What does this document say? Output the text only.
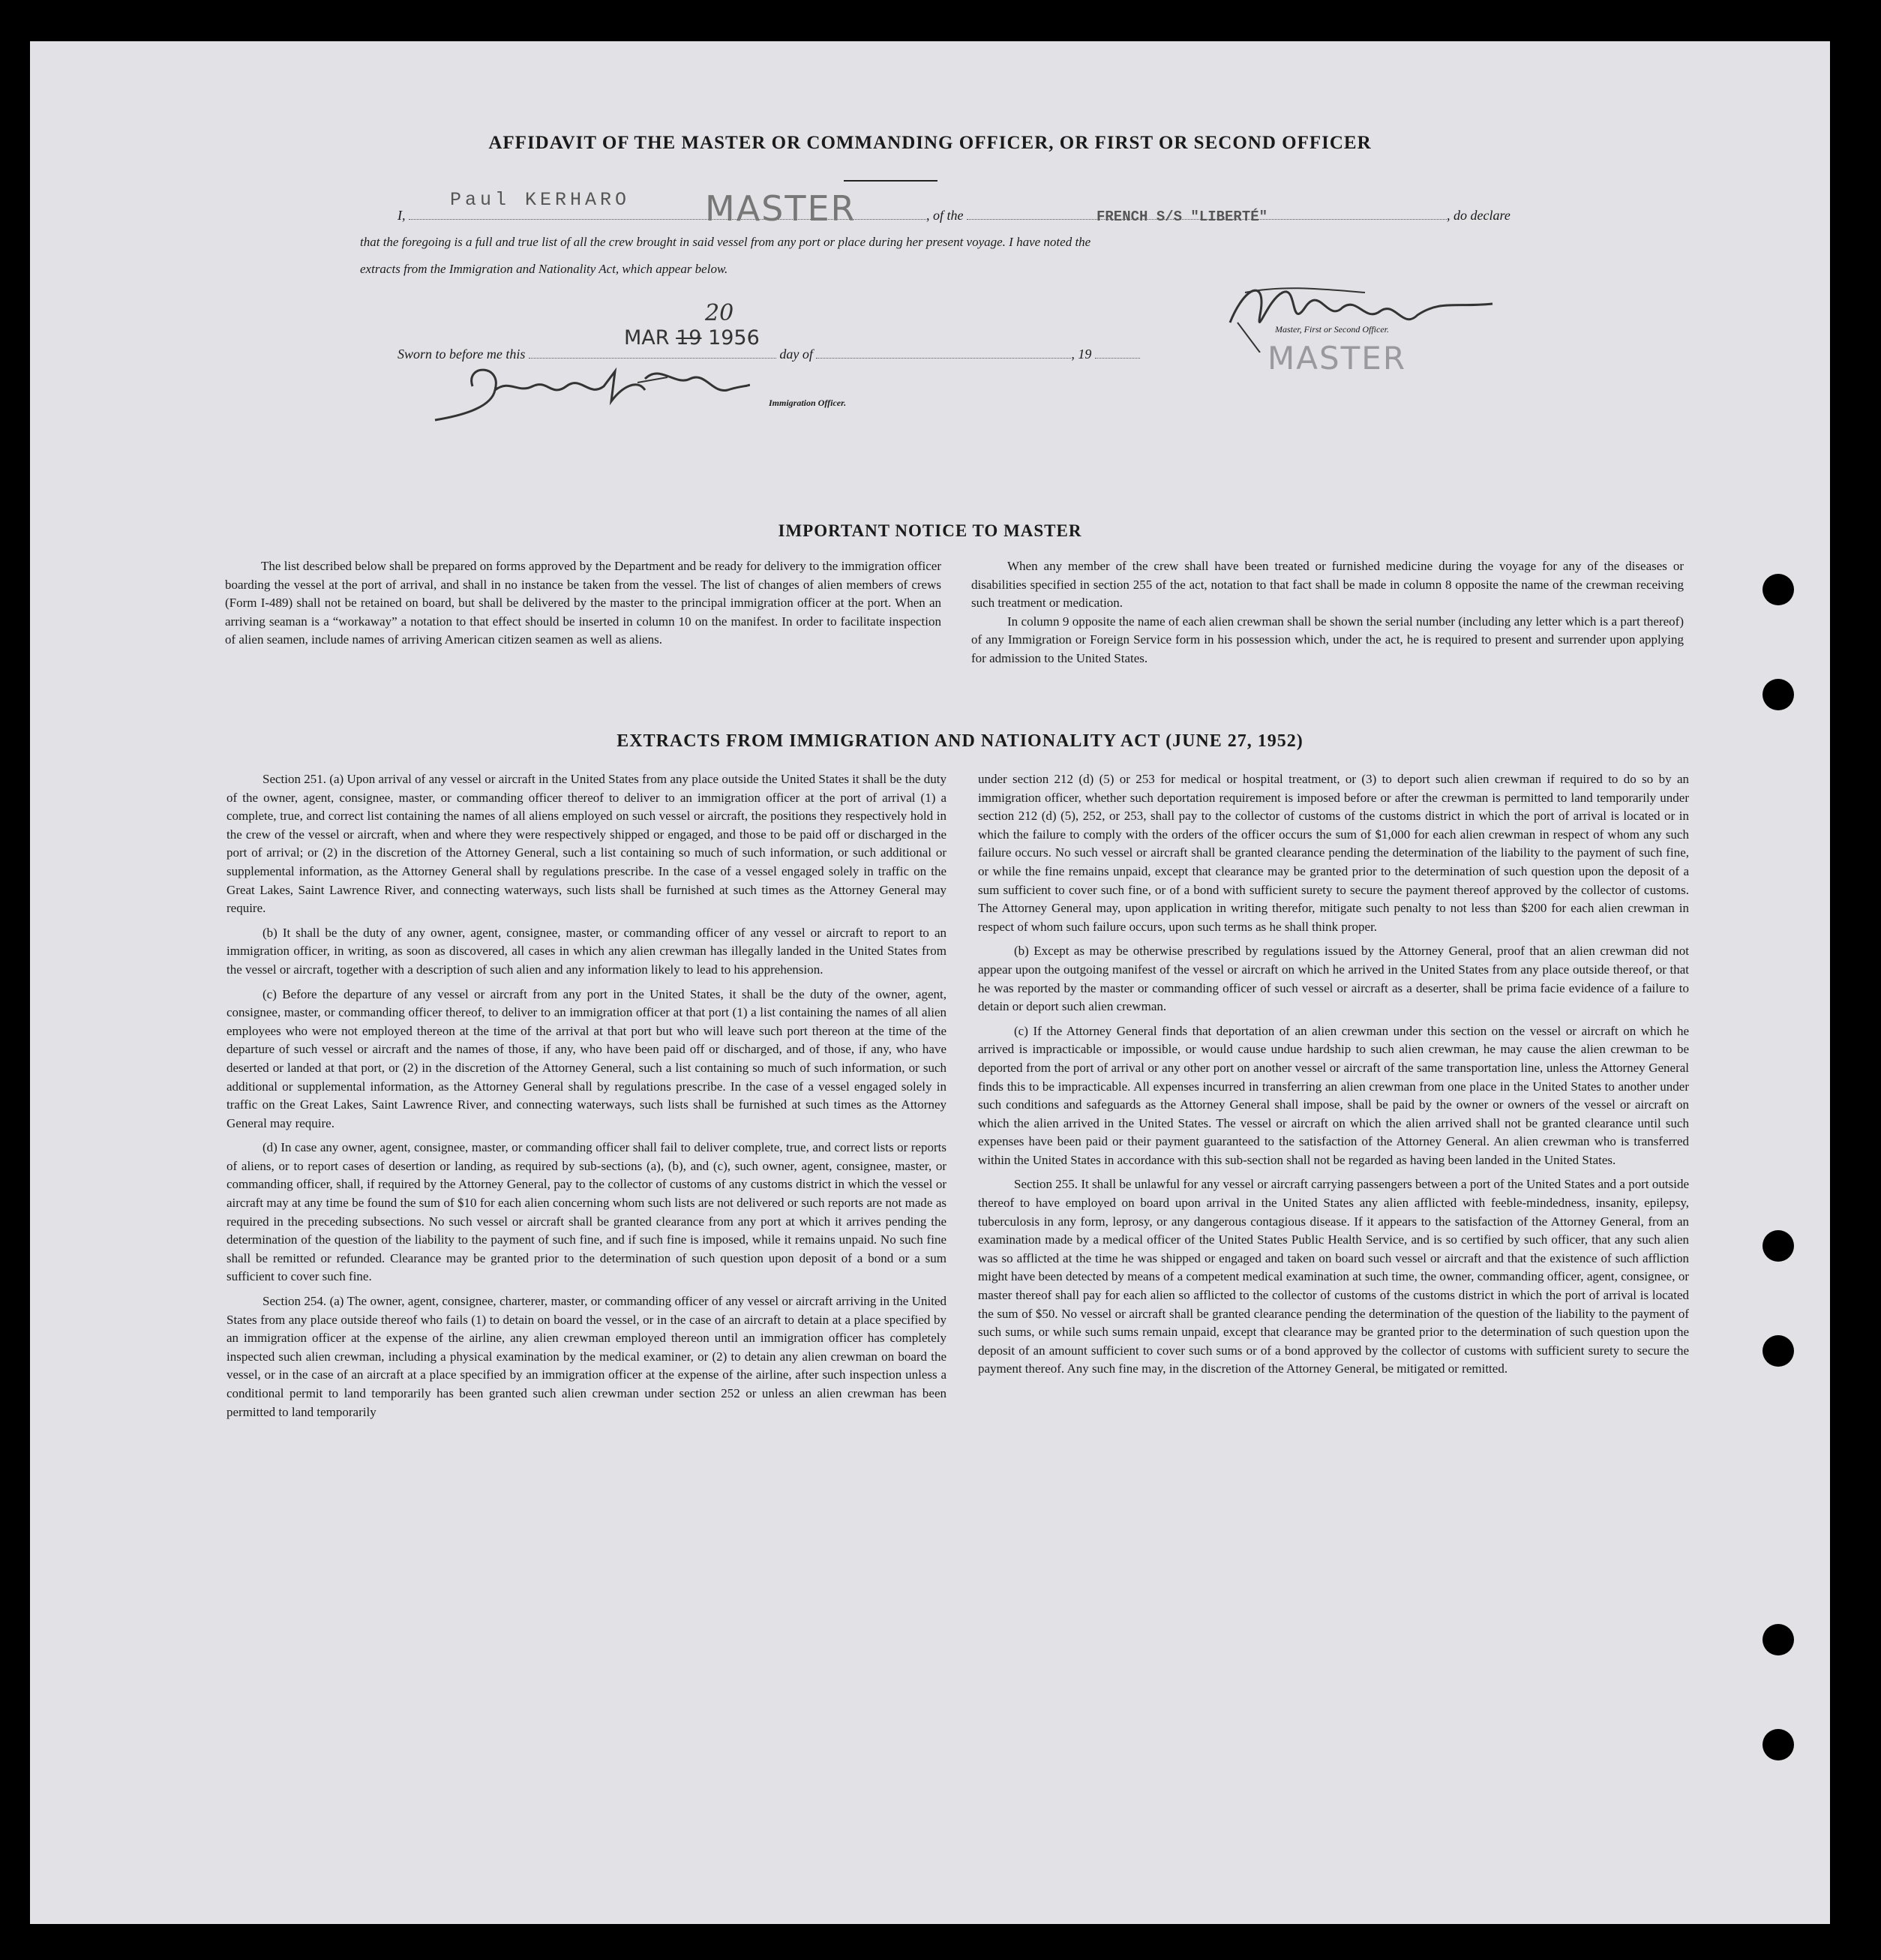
AFFIDAVIT OF THE MASTER OR COMMANDING OFFICER, OR FIRST OR SECOND OFFICER
I,	, of the	, do declare
Paul KERHARO MASTER	FRENCH S/S "LIBERTÉ"
that the foregoing is a full and true list of all the crew brought in said vessel from any port or place during her present voyage. I have noted the
extracts from the Immigration and Nationality Act, which appear below.
Sworn to before me this	day of	, 19
MAR 19 1956
20
Master, First or Second Officer.
MASTER
Immigration Officer.
IMPORTANT NOTICE TO MASTER

The list described below shall be prepared on forms approved by the Department and be ready for delivery to the immigration officer boarding the vessel at the port of arrival, and shall in no instance be taken from the vessel. The list of changes of alien members of crews (Form I-489) shall not be retained on board, but shall be delivered by the master to the principal immigration officer at the port. When an arriving seaman is a “workaway” a notation to that effect should be inserted in column 10 on the manifest. In order to facilitate inspection of alien seamen, include names of arriving American citizen seamen as well as aliens.

When any member of the crew shall have been treated or furnished medicine during the voyage for any of the diseases or disabilities specified in section 255 of the act, notation to that fact shall be made in column 8 opposite the name of the crewman receiving such treatment or medication.

In column 9 opposite the name of each alien crewman shall be shown the serial number (including any letter which is a part thereof) of any Immigration or Foreign Service form in his possession which, under the act, he is required to present and surrender upon applying for admission to the United States.

EXTRACTS FROM IMMIGRATION AND NATIONALITY ACT (JUNE 27, 1952)

Section 251. (a) Upon arrival of any vessel or aircraft in the United States from any place outside the United States it shall be the duty of the owner, agent, consignee, master, or commanding officer thereof to deliver to an immigration officer at the port of arrival (1) a complete, true, and correct list containing the names of all aliens employed on such vessel or aircraft, the positions they respectively hold in the crew of the vessel or aircraft, when and where they were respectively shipped or engaged, and those to be paid off or discharged in the port of arrival; or (2) in the discretion of the Attorney General, such a list containing so much of such information, or such additional or supplemental information, as the Attorney General shall by regulations prescribe. In the case of a vessel engaged solely in traffic on the Great Lakes, Saint Lawrence River, and connecting waterways, such lists shall be furnished at such times as the Attorney General may require.

(b) It shall be the duty of any owner, agent, consignee, master, or commanding officer of any vessel or aircraft to report to an immigration officer, in writing, as soon as discovered, all cases in which any alien crewman has illegally landed in the United States from the vessel or aircraft, together with a description of such alien and any information likely to lead to his apprehension.

(c) Before the departure of any vessel or aircraft from any port in the United States, it shall be the duty of the owner, agent, consignee, master, or commanding officer thereof, to deliver to an immigration officer at that port (1) a list containing the names of all alien employees who were not employed thereon at the time of the arrival at that port but who will leave such port thereon at the time of the departure of such vessel or aircraft and the names of those, if any, who have been paid off or discharged, and of those, if any, who have deserted or landed at that port, or (2) in the discretion of the Attorney General, such a list containing so much of such information, or such additional or supplemental information, as the Attorney General shall by regulations prescribe. In the case of a vessel engaged solely in traffic on the Great Lakes, Saint Lawrence River, and connecting waterways, such lists shall be furnished at such times as the Attorney General may require.

(d) In case any owner, agent, consignee, master, or commanding officer shall fail to deliver complete, true, and correct lists or reports of aliens, or to report cases of desertion or landing, as required by sub-sections (a), (b), and (c), such owner, agent, consignee, master, or commanding officer, shall, if required by the Attorney General, pay to the collector of customs of any customs district in which the vessel or aircraft may at any time be found the sum of $10 for each alien concerning whom such lists are not delivered or such reports are not made as required in the preceding subsections. No such vessel or aircraft shall be granted clearance from any port at which it arrives pending the determination of the question of the liability to the payment of such fine, and if such fine is imposed, while it remains unpaid. No such fine shall be remitted or refunded. Clearance may be granted prior to the determination of such question upon deposit of a bond or a sum sufficient to cover such fine.

Section 254. (a) The owner, agent, consignee, charterer, master, or commanding officer of any vessel or aircraft arriving in the United States from any place outside thereof who fails (1) to detain on board the vessel, or in the case of an aircraft to detain at a place specified by an immigration officer at the expense of the airline, any alien crewman employed thereon until an immigration officer has completely inspected such alien crewman, including a physical examination by the medical examiner, or (2) to detain any alien crewman on board the vessel, or in the case of an aircraft at a place specified by an immigration officer at the expense of the airline, after such inspection unless a conditional permit to land temporarily has been granted such alien crewman under section 252 or unless an alien crewman has been permitted to land temporarily

under section 212 (d) (5) or 253 for medical or hospital treatment, or (3) to deport such alien crewman if required to do so by an immigration officer, whether such deportation requirement is imposed before or after the crewman is permitted to land temporarily under section 212 (d) (5), 252, or 253, shall pay to the collector of customs of the customs district in which the port of arrival is located or in which the failure to comply with the orders of the officer occurs the sum of $1,000 for each alien crewman in respect of whom any such failure occurs. No such vessel or aircraft shall be granted clearance pending the determination of the liability to the payment of such fine, or while the fine remains unpaid, except that clearance may be granted prior to the determination of such question upon the deposit of a sum sufficient to cover such fine, or of a bond with sufficient surety to secure the payment thereof approved by the collector of customs. The Attorney General may, upon application in writing therefor, mitigate such penalty to not less than $200 for each alien crewman in respect of whom such failure occurs, upon such terms as he shall think proper.

(b) Except as may be otherwise prescribed by regulations issued by the Attorney General, proof that an alien crewman did not appear upon the outgoing manifest of the vessel or aircraft on which he arrived in the United States from any place outside thereof, or that he was reported by the master or commanding officer of such vessel or aircraft as a deserter, shall be prima facie evidence of a failure to detain or deport such alien crewman.

(c) If the Attorney General finds that deportation of an alien crewman under this section on the vessel or aircraft on which he arrived is impracticable or impossible, or would cause undue hardship to such alien crewman, he may cause the alien crewman to be deported from the port of arrival or any other port on another vessel or aircraft of the same transportation line, unless the Attorney General finds this to be impracticable. All expenses incurred in transferring an alien crewman from one place in the United States to another under such conditions and safeguards as the Attorney General shall impose, shall be paid by the owner or owners of the vessel or aircraft on which the alien arrived in the United States. The vessel or aircraft on which the alien arrived shall not be granted clearance until such expenses have been paid or their payment guaranteed to the satisfaction of the Attorney General. An alien crewman who is transferred within the United States in accordance with this sub-section shall not be regarded as having been landed in the United States.

Section 255. It shall be unlawful for any vessel or aircraft carrying passengers between a port of the United States and a port outside thereof to have employed on board upon arrival in the United States any alien afflicted with feeble-mindedness, insanity, epilepsy, tuberculosis in any form, leprosy, or any dangerous contagious disease. If it appears to the satisfaction of the Attorney General, from an examination made by a medical officer of the United States Public Health Service, and is so certified by such officer, that any such alien was so afflicted at the time he was shipped or engaged and taken on board such vessel or aircraft and that the existence of such affliction might have been detected by means of a competent medical examination at such time, the owner, commanding officer, agent, consignee, or master thereof shall pay for each alien so afflicted to the collector of customs of the customs district in which the port of arrival is located the sum of $50. No vessel or aircraft shall be granted clearance pending the determination of the question of the liability to the payment of such sums, or while such sums remain unpaid, except that clearance may be granted prior to the determination of such question upon the deposit of an amount sufficient to cover such sums or of a bond approved by the collector of customs with sufficient surety to secure the payment thereof. Any such fine may, in the discretion of the Attorney General, be mitigated or remitted.
